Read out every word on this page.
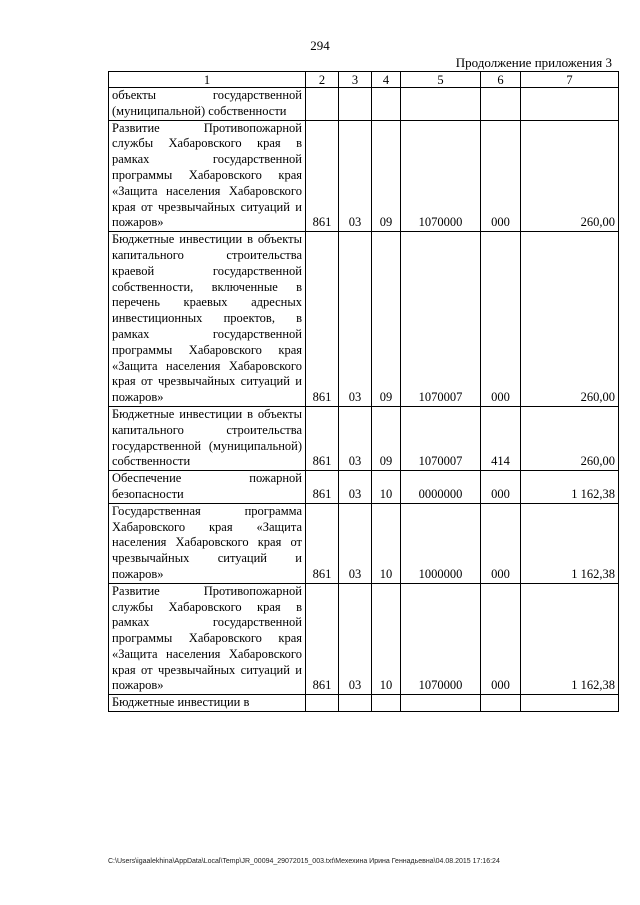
294
Продолжение приложения 3
1	2	3	4	5	6	7
объекты государственной (муниципальной) собственности						
Развитие Противопожарной службы Хабаровского края в рамках государственной программы Хабаровского края «Защита населения Хабаровского края от чрезвычайных ситуаций и пожаров»	861	03	09	1070000	000	260,00
Бюджетные инвестиции в объекты капитального строительства краевой государственной собственности, включенные в перечень краевых адресных инвестиционных проектов, в рамках государственной программы Хабаровского края «Защита населения Хабаровского края от чрезвычайных ситуаций и пожаров»	861	03	09	1070007	000	260,00
Бюджетные инвестиции в объекты капитального строительства государственной (муниципальной) собственности	861	03	09	1070007	414	260,00
Обеспечение пожарной безопасности	861	03	10	0000000	000	1 162,38
Государственная программа Хабаровского края «Защита населения Хабаровского края от чрезвычайных ситуаций и пожаров»	861	03	10	1000000	000	1 162,38
Развитие Противопожарной службы Хабаровского края в рамках государственной программы Хабаровского края «Защита населения Хабаровского края от чрезвычайных ситуаций и пожаров»	861	03	10	1070000	000	1 162,38
Бюджетные инвестиции в						
C:\Users\igaalekhina\AppData\Local\Temp\JR_00094_29072015_003.txt\Мехехина Ирина Геннадьевна\04.08.2015 17:16:24
